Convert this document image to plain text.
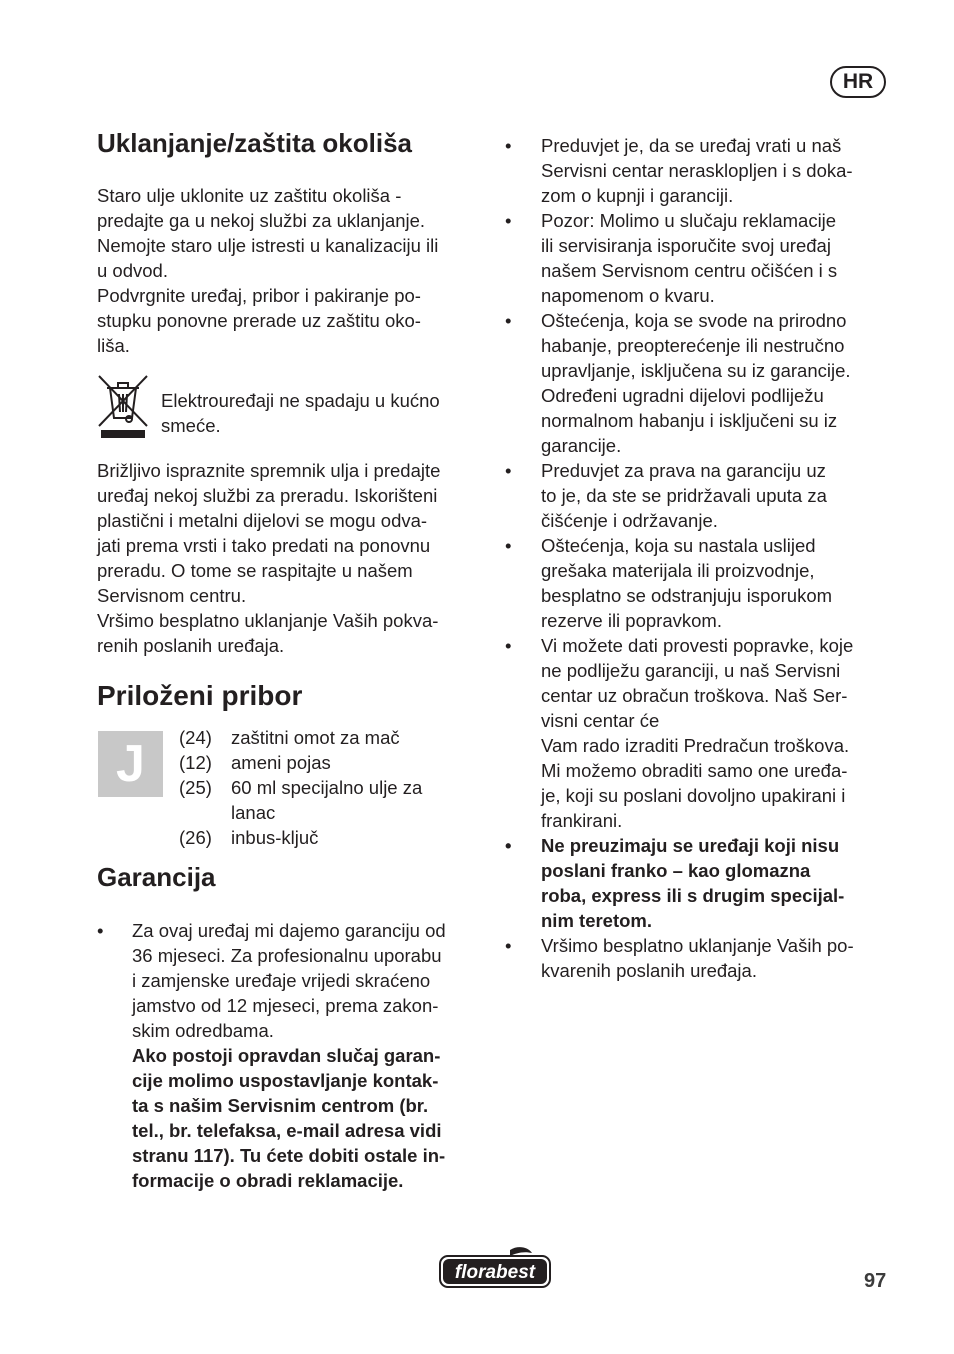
HR
Uklanjanje/zaštita okoliša
Staro ulje uklonite uz zaštitu okoliša -
predajte ga u nekoj službi za uklanjanje.
Nemojte staro ulje istresti u kanalizaciju ili
u odvod.
Podvrgnite uređaj, pribor i pakiranje po-
stupku ponovne prerade uz zaštitu oko-
liša.
Elektrouređaji ne spadaju u kućno
smeće.
Brižljivo ispraznite spremnik ulja i predajte
uređaj nekoj službi za preradu. Iskorišteni
plastični i metalni dijelovi se mogu odva-
jati prema vrsti i tako predati na ponovnu
preradu. O tome se raspitajte u našem
Servisnom centru.
Vršimo besplatno uklanjanje Vaših pokva-
renih poslanih uređaja.
Priloženi pribor
J	(24) zaštitni omot za mač
(12) ameni pojas
(25) 60 ml specijalno ulje za
lanac
(26) inbus-ključ
Garancija
• Za ovaj uređaj mi dajemo garanciju od
36 mjeseci. Za profesionalnu uporabu
i zamjenske uređaje vrijedi skraćeno
jamstvo od 12 mjeseci, prema zakon-
skim odredbama.
Ako postoji opravdan slučaj garan-
cije molimo uspostavljanje kontak-
ta s našim Servisnim centrom (br.
tel., br. telefaksa, e-mail adresa vidi
stranu 117). Tu ćete dobiti ostale in-
formacije o obradi reklamacije.
• Preduvjet je, da se uređaj vrati u naš
Servisni centar nerasklopljen i s doka-
zom o kupnji i garanciji.
• Pozor: Molimo u slučaju reklamacije
ili servisiranja isporučite svoj uređaj
našem Servisnom centru očišćen i s
napomenom o kvaru.
• Oštećenja, koja se svode na prirodno
habanje, preopterećenje ili nestručno
upravljanje, isključena su iz garancije.
Određeni ugradni dijelovi podliježu
normalnom habanju i isključeni su iz
garancije.
• Preduvjet za prava na garanciju uz
to je, da ste se pridržavali uputa za
čišćenje i održavanje.
• Oštećenja, koja su nastala uslijed
grešaka materijala ili proizvodnje,
besplatno se odstranjuju isporukom
rezerve ili popravkom.
• Vi možete dati provesti popravke, koje
ne podliježu garanciji, u naš Servisni
centar uz obračun troškova. Naš Ser-
visni centar će
Vam rado izraditi Predračun troškova.
Mi možemo obraditi samo one uređa-
je, koji su poslani dovoljno upakirani i
frankirani.
• Ne preuzimaju se uređaji koji nisu
poslani franko – kao glomazna
roba, express ili s drugim specijal-
nim teretom.
• Vršimo besplatno uklanjanje Vaših po-
kvarenih poslanih uređaja.
florabest	97
